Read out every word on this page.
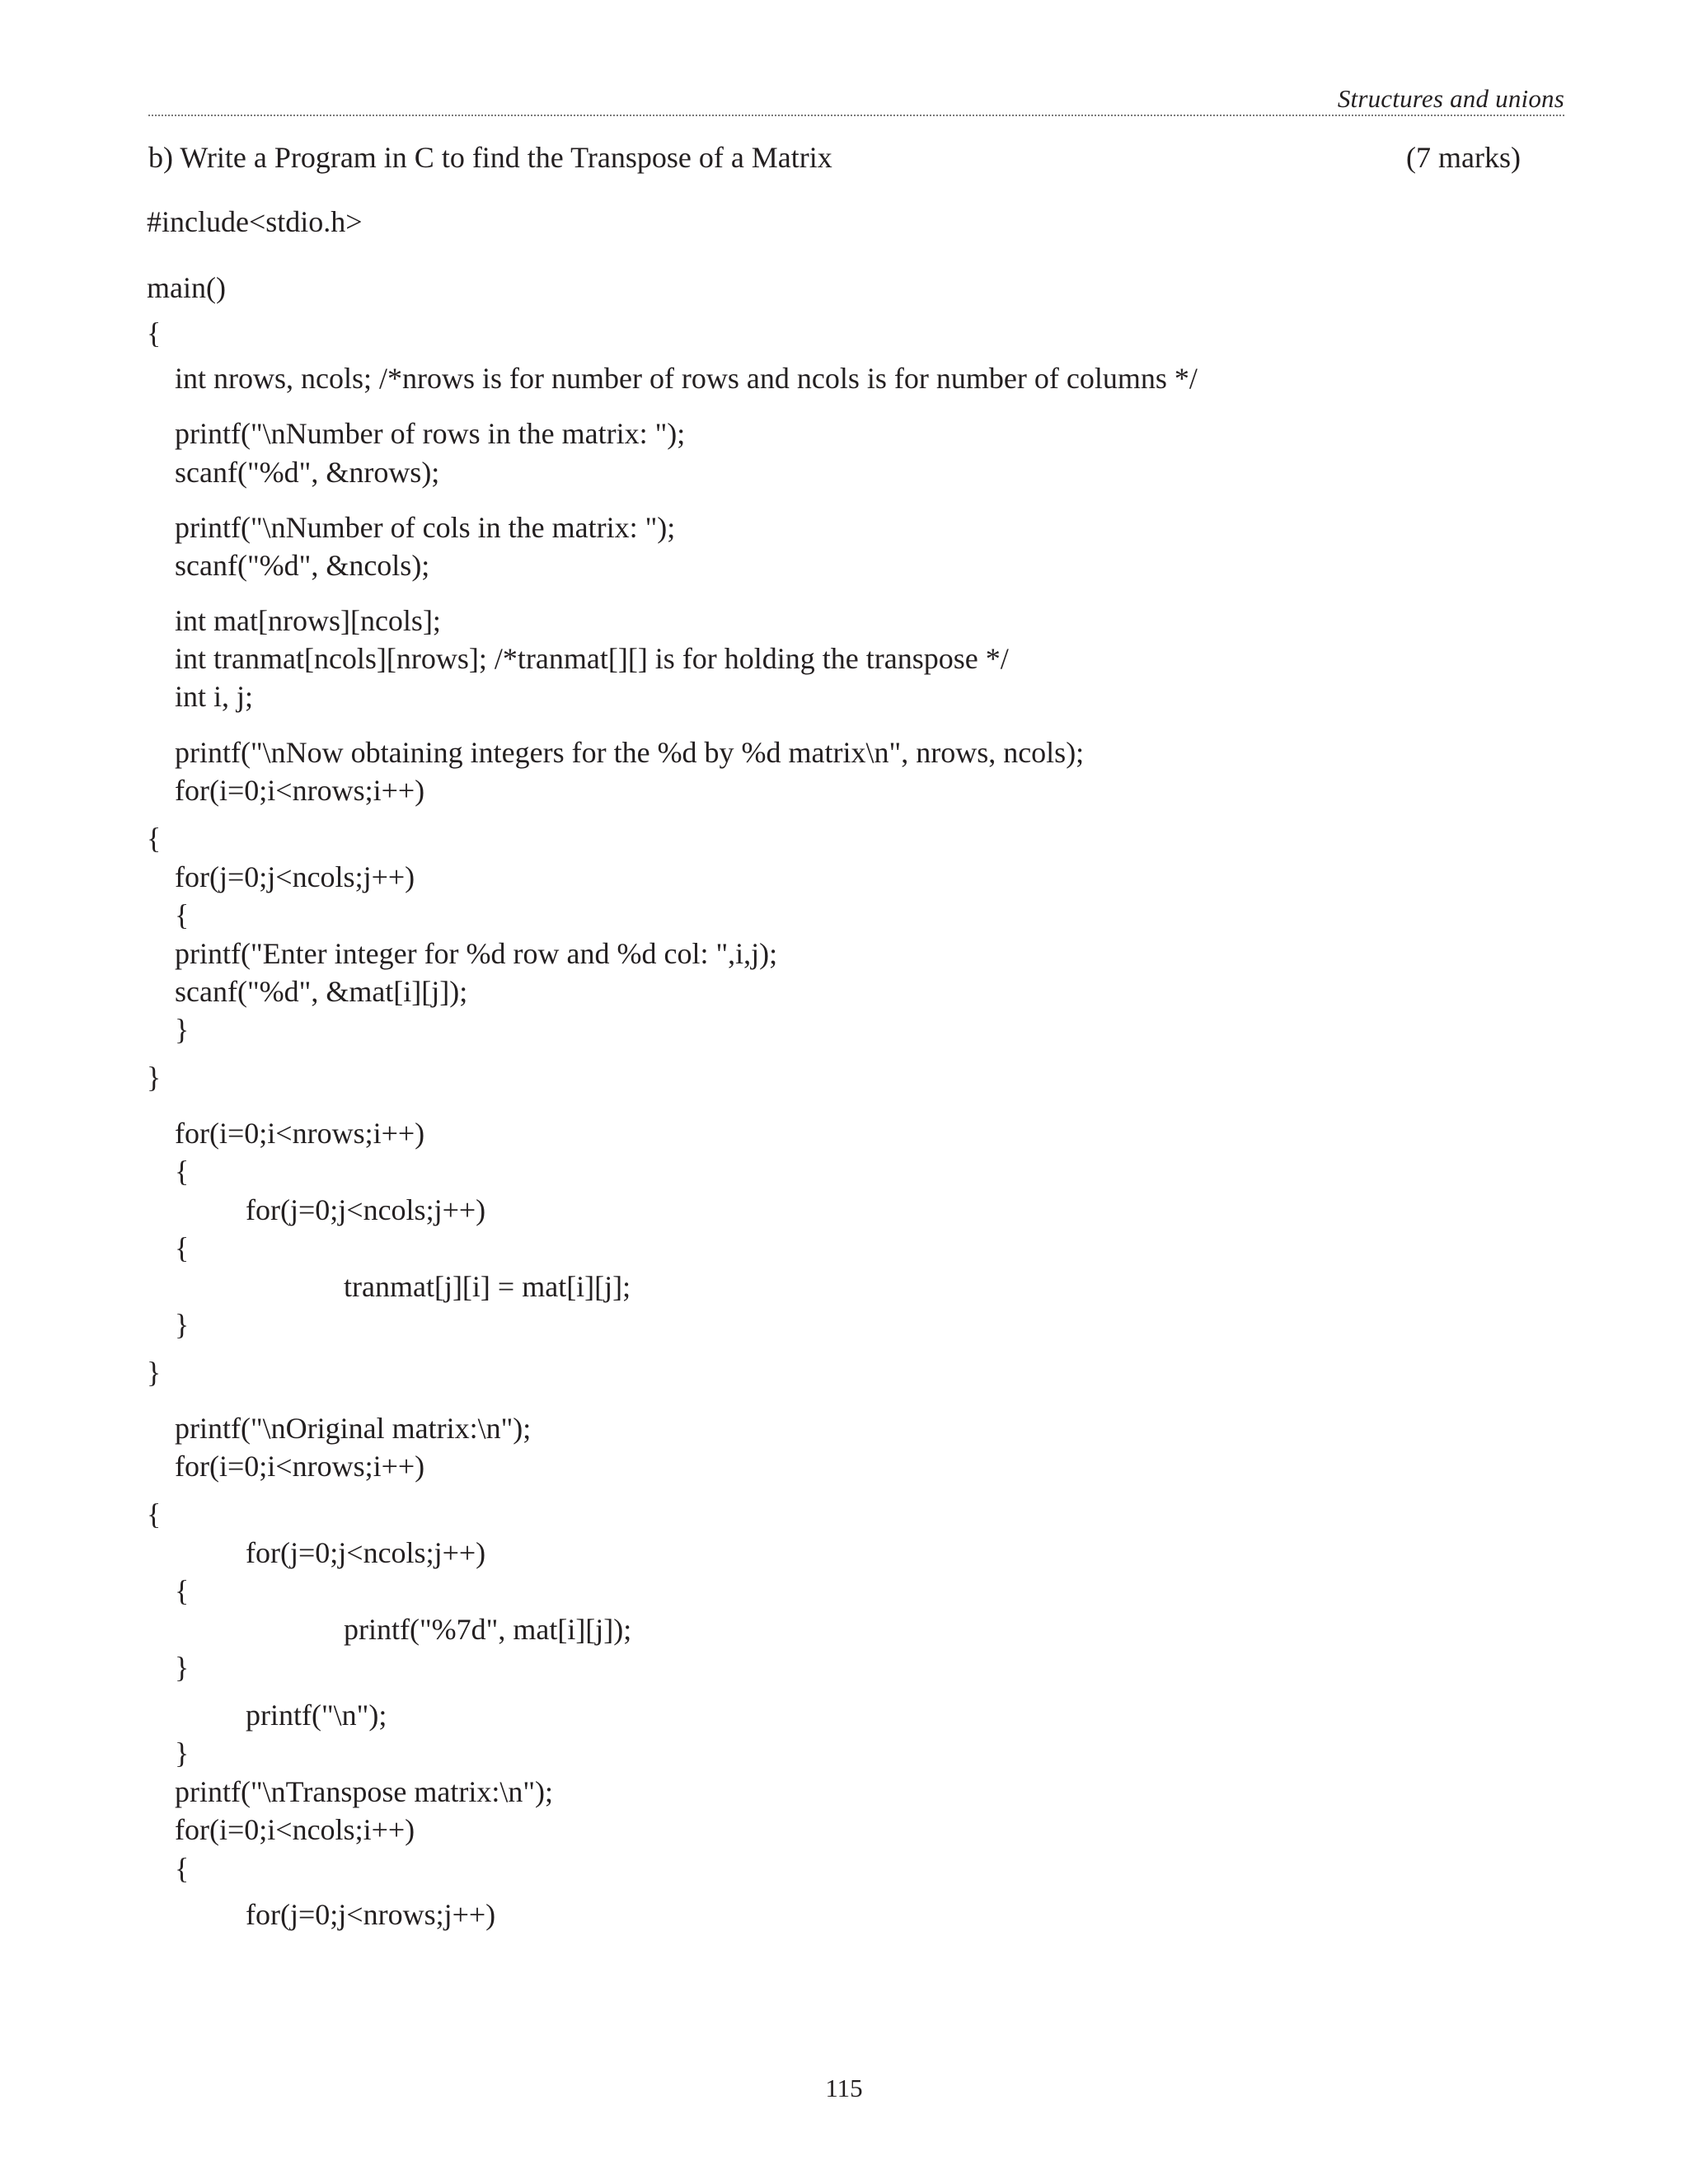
Structures and unions
b) Write a Program in C to find the Transpose of a Matrix	(7 marks)
#include<stdio.h>
main()
{
int nrows, ncols; /*nrows is for number of rows and ncols is for number of columns */
printf("\nNumber of rows in the matrix: ");
scanf("%d", &nrows);
printf("\nNumber of cols in the matrix: ");
scanf("%d", &ncols);
int mat[nrows][ncols];
int tranmat[ncols][nrows]; /*tranmat[][] is for holding the transpose */
int i, j;
printf("\nNow obtaining integers for the %d by %d matrix\n", nrows, ncols);
for(i=0;i<nrows;i++)
{
for(j=0;j<ncols;j++)
{
printf("Enter integer for %d row and %d col: ",i,j);
scanf("%d", &mat[i][j]);
}
}
for(i=0;i<nrows;i++)
{
for(j=0;j<ncols;j++)
{
tranmat[j][i] = mat[i][j];
}
}
printf("\nOriginal matrix:\n");
for(i=0;i<nrows;i++)
{
for(j=0;j<ncols;j++)
{
printf("%7d", mat[i][j]);
}
printf("\n");
}
printf("\nTranspose matrix:\n");
for(i=0;i<ncols;i++)
{
for(j=0;j<nrows;j++)
115
